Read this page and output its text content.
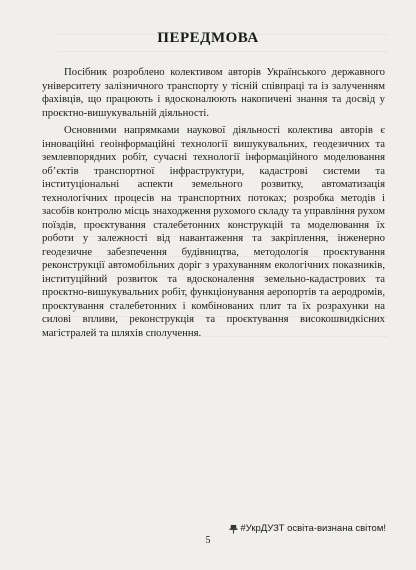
ПЕРЕДМОВА

Посібник розроблено колективом авторів Українського державного університету залізничного транспорту у тісній співпраці та із залученням фахівців, що працюють і вдосконалюють накопичені знання та досвід у проєктно-вишукувальній діяльності.

Основними напрямками наукової діяльності колектива авторів є інноваційні геоінформаційні технології вишукувальних, геодезичних та землевпорядних робіт, сучасні технології інформаційного моделювання об’єктів транспортної інфраструктури, кадастрові системи та інституціональні аспекти земельного розвитку, автоматизація технологічних процесів на транспортних потоках; розробка методів і засобів контролю місць знаходження рухомого складу та управління рухом поїздів, проєктування сталебетонних конструкцій та моделювання їх роботи у залежності від навантаження та закріплення, інженерно геодезичне забезпечення будівництва, методологія проєктування реконструкції автомобільних доріг з урахуванням екологічних показників, інституційний розвиток та вдосконалення земельно-кадастрових та проєктно-вишукувальних робіт, функціонування аеропортів та аеродромів, проєктування сталебетонних і комбінованих плит та їх розрахунки на силові впливи, реконструкція та проєктування високошвидкісних магістралей та шляхів сполучення.

#УкрДУЗТ освіта-визнана світом!
5
